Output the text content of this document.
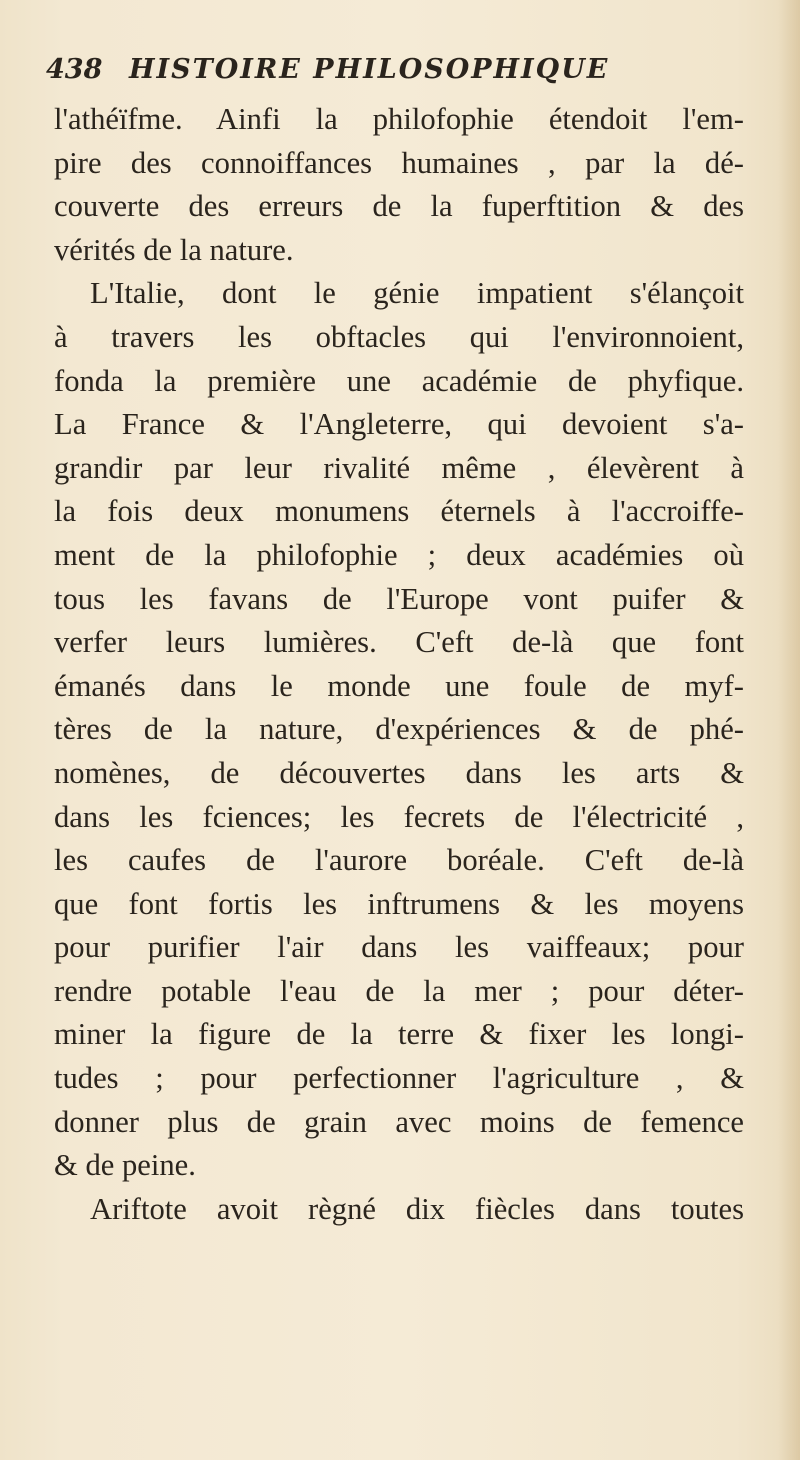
438 HISTOIRE PHILOSOPHIQUE
l'athéïfme. Ainfi la philofophie étendoit l'em-
pire des connoiffances humaines , par la dé-
couverte des erreurs de la fuperftition & des
vérités de la nature.
L'Italie, dont le génie impatient s'élançoit
à travers les obftacles qui l'environnoient,
fonda la première une académie de phyfique.
La France & l'Angleterre, qui devoient s'a-
grandir par leur rivalité même , élevèrent à
la fois deux monumens éternels à l'accroiffe-
ment de la philofophie ; deux académies où
tous les favans de l'Europe vont puifer &
verfer leurs lumières. C'eft de-là que font
émanés dans le monde une foule de myf-
tères de la nature, d'expériences & de phé-
nomènes, de découvertes dans les arts &
dans les fciences; les fecrets de l'électricité ,
les caufes de l'aurore boréale. C'eft de-là
que font fortis les inftrumens & les moyens
pour purifier l'air dans les vaiffeaux; pour
rendre potable l'eau de la mer ; pour déter-
miner la figure de la terre & fixer les longi-
tudes ; pour perfectionner l'agriculture , &
donner plus de grain avec moins de femence
& de peine.
Ariftote avoit règné dix fiècles dans toutes
